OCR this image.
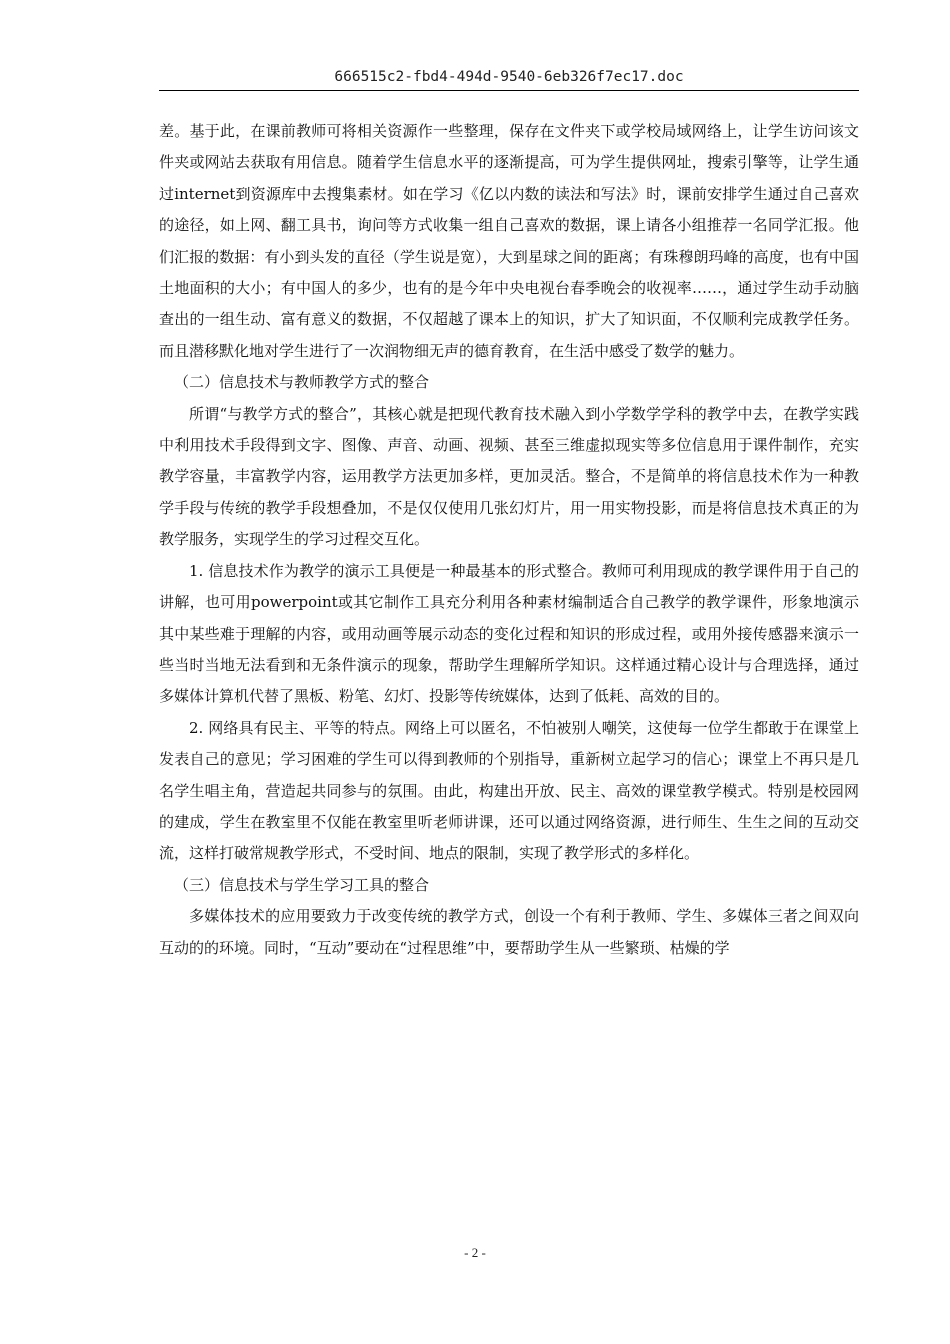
666515c2-fbd4-494d-9540-6eb326f7ec17.doc

差。基于此，在课前教师可将相关资源作一些整理，保存在文件夹下或学校局域网络上，让学生访问该文件夹或网站去获取有用信息。随着学生信息水平的逐渐提高，可为学生提供网址，搜索引擎等，让学生通过internet到资源库中去搜集素材。如在学习《亿以内数的读法和写法》时，课前安排学生通过自己喜欢的途径，如上网、翻工具书，询问等方式收集一组自己喜欢的数据，课上请各小组推荐一名同学汇报。他们汇报的数据：有小到头发的直径（学生说是宽），大到星球之间的距离；有珠穆朗玛峰的高度，也有中国土地面积的大小；有中国人的多少，也有的是今年中央电视台春季晚会的收视率……，通过学生动手动脑查出的一组生动、富有意义的数据，不仅超越了课本上的知识，扩大了知识面，不仅顺利完成教学任务。而且潜移默化地对学生进行了一次润物细无声的德育教育，在生活中感受了数学的魅力。

（二）信息技术与教师教学方式的整合

所谓“与教学方式的整合”，其核心就是把现代教育技术融入到小学数学学科的教学中去，在教学实践中利用技术手段得到文字、图像、声音、动画、视频、甚至三维虚拟现实等多位信息用于课件制作，充实教学容量，丰富教学内容，运用教学方法更加多样，更加灵活。整合，不是简单的将信息技术作为一种教学手段与传统的教学手段想叠加，不是仅仅使用几张幻灯片，用一用实物投影，而是将信息技术真正的为教学服务，实现学生的学习过程交互化。

1. 信息技术作为教学的演示工具便是一种最基本的形式整合。教师可利用现成的教学课件用于自己的讲解，也可用powerpoint或其它制作工具充分利用各种素材编制适合自己教学的教学课件，形象地演示其中某些难于理解的内容，或用动画等展示动态的变化过程和知识的形成过程，或用外接传感器来演示一些当时当地无法看到和无条件演示的现象，帮助学生理解所学知识。这样通过精心设计与合理选择，通过多媒体计算机代替了黑板、粉笔、幻灯、投影等传统媒体，达到了低耗、高效的目的。

2. 网络具有民主、平等的特点。网络上可以匿名，不怕被别人嘲笑，这使每一位学生都敢于在课堂上发表自己的意见；学习困难的学生可以得到教师的个别指导，重新树立起学习的信心；课堂上不再只是几名学生唱主角，营造起共同参与的氛围。由此，构建出开放、民主、高效的课堂教学模式。特别是校园网的建成，学生在教室里不仅能在教室里听老师讲课，还可以通过网络资源，进行师生、生生之间的互动交流，这样打破常规教学形式，不受时间、地点的限制，实现了教学形式的多样化。

（三）信息技术与学生学习工具的整合

多媒体技术的应用要致力于改变传统的教学方式，创设一个有利于教师、学生、多媒体三者之间双向互动的的环境。同时，“互动”要动在“过程思维”中，要帮助学生从一些繁琐、枯燥的学

- 2 -
